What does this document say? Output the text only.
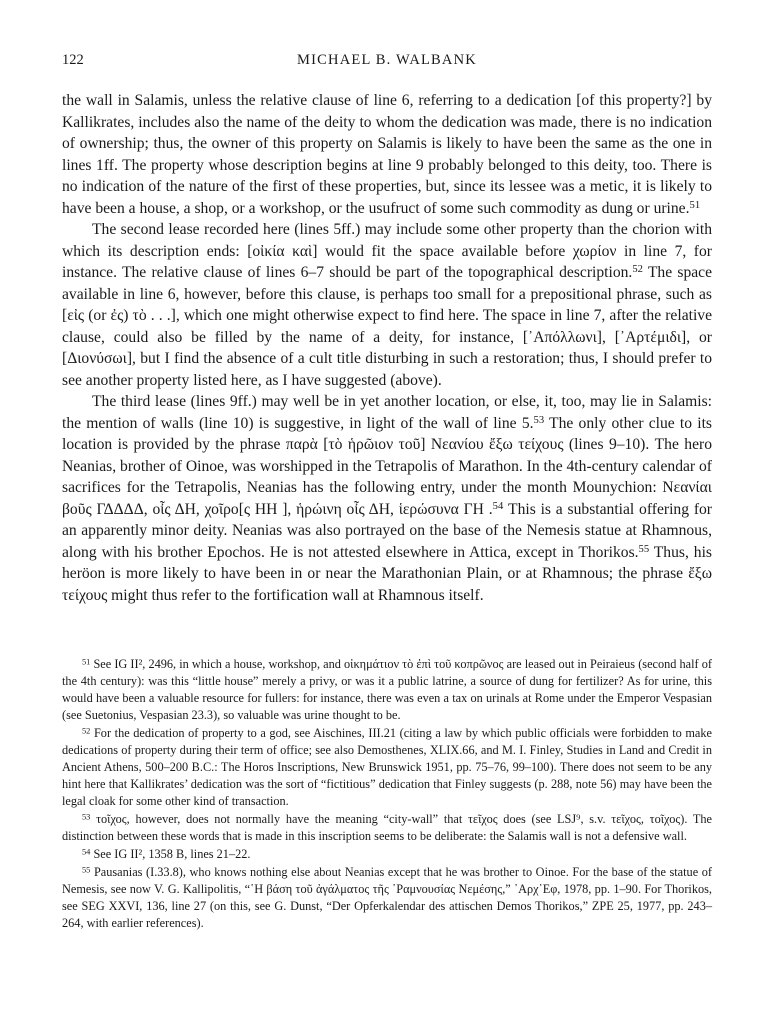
122	MICHAEL B. WALBANK

the wall in Salamis, unless the relative clause of line 6, referring to a dedication [of this property?] by Kallikrates, includes also the name of the deity to whom the dedication was made, there is no indication of ownership; thus, the owner of this property on Salamis is likely to have been the same as the one in lines 1ff. The property whose description begins at line 9 probably belonged to this deity, too. There is no indication of the nature of the first of these properties, but, since its lessee was a metic, it is likely to have been a house, a shop, or a workshop, or the usufruct of some such commodity as dung or urine.$^{51}$

The second lease recorded here (lines 5ff.) may include some other property than the chorion with which its description ends: [οἰκία καὶ] would fit the space available before χωρίον in line 7, for instance. The relative clause of lines 6–7 should be part of the topographical description.$^{52}$ The space available in line 6, however, before this clause, is perhaps too small for a prepositional phrase, such as [εἰς (or ἐς) τὸ . . .], which one might otherwise expect to find here. The space in line 7, after the relative clause, could also be filled by the name of a deity, for instance, [᾿Απόλλωνι], [᾿Αρτέμιδι], or [Διονύσωι], but I find the absence of a cult title disturbing in such a restoration; thus, I should prefer to see another property listed here, as I have suggested (above).

The third lease (lines 9ff.) may well be in yet another location, or else, it, too, may lie in Salamis: the mention of walls (line 10) is suggestive, in light of the wall of line 5.53 The only other clue to its location is provided by the phrase παρὰ [τὸ ἡρῶιον τοῦ] Νεανίου ἔξω τείχους (lines 9–10). The hero Neanias, brother of Oinoe, was worshipped in the Tetrapolis of Marathon. In the 4th-century calendar of sacrifices for the Tetrapolis, Neanias has the following entry, under the month Mounychion: Νεανίαι βοῦς ΓΔΔΔΔ, οἶς ΔΗ, χοῖρο[ς ΗΗ ], ἡρώινη οἶς ΔΗ, ἱερώσυνα ΓΗ .$^{54}$ This is a substantial offering for an apparently minor deity. Neanias was also portrayed on the base of the Nemesis statue at Rhamnous, along with his brother Epochos. He is not attested elsewhere in Attica, except in Thorikos.$^{55}$ Thus, his heröon is more likely to have been in or near the Marathonian Plain, or at Rhamnous; the phrase ἔξω τείχους might thus refer to the fortification wall at Rhamnous itself.

$^{51}$ See IG II², 2496, in which a house, workshop, and οἰκημάτιον τὸ ἐπὶ τοῦ κοπρῶνος are leased out in Peiraieus (second half of the 4th century): was this “little house” merely a privy, or was it a public latrine, a source of dung for fertilizer? As for urine, this would have been a valuable resource for fullers: for instance, there was even a tax on urinals at Rome under the Emperor Vespasian (see Suetonius, Vespasian 23.3), so valuable was urine thought to be.

$^{52}$ For the dedication of property to a god, see Aischines, III.21 (citing a law by which public officials were forbidden to make dedications of property during their term of office; see also Demosthenes, XLIX.66, and M. I. Finley, Studies in Land and Credit in Ancient Athens, 500–200 B.C.: The Horos Inscriptions, New Brunswick 1951, pp. 75–76, 99–100). There does not seem to be any hint here that Kallikrates’ dedication was the sort of “fictitious” dedication that Finley suggests (p. 288, note 56) may have been the legal cloak for some other kind of transaction.

$^{53}$ τοῖχος, however, does not normally have the meaning “city-wall” that τεῖχος does (see LSJ⁹, s.v. τεῖχος, τοῖχος). The distinction between these words that is made in this inscription seems to be deliberate: the Salamis wall is not a defensive wall.

$^{54}$ See IG II², 1358 B, lines 21–22.

$^{55}$ Pausanias (I.33.8), who knows nothing else about Neanias except that he was brother to Oinoe. For the base of the statue of Nemesis, see now V. G. Kallipolitis, “῾Η βάση τοῦ ἀγάλματος τῆς ῾Ραμνουσίας Νεμέσης,” ᾿Αρχ᾿Εφ, 1978, pp. 1–90. For Thorikos, see SEG XXVI, 136, line 27 (on this, see G. Dunst, “Der Opferkalendar des attischen Demos Thorikos,” ZPE 25, 1977, pp. 243–264, with earlier references).
